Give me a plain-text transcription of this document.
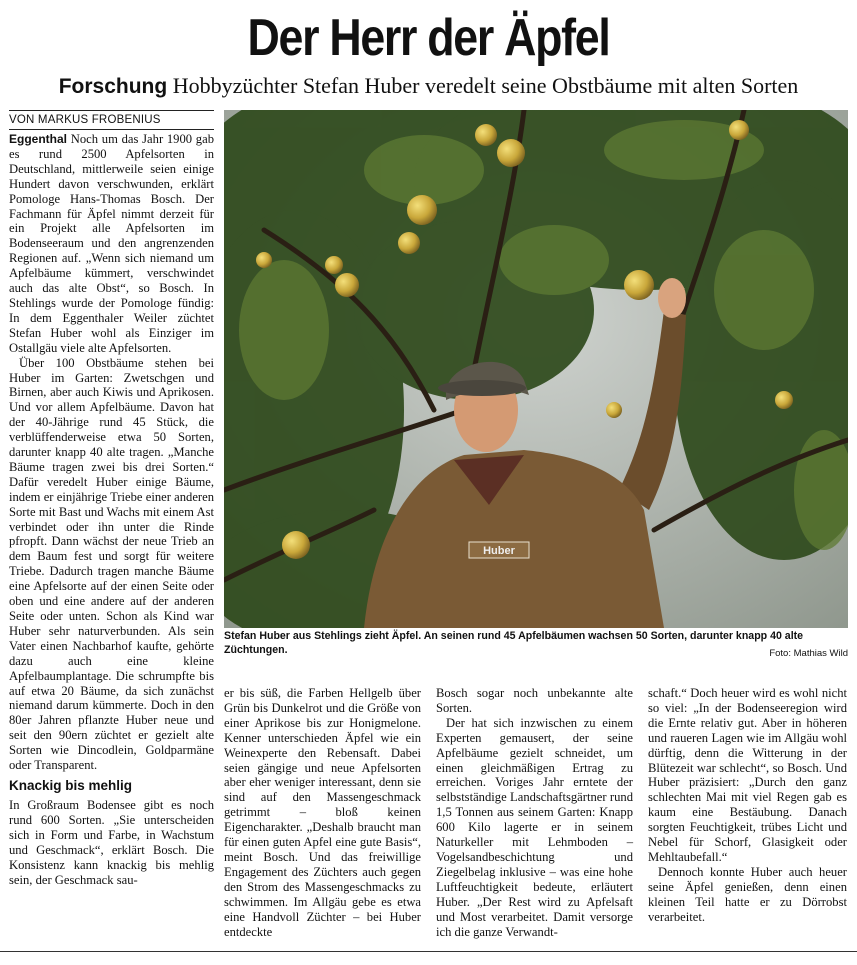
Der Herr der Äpfel
Forschung Hobbyzüchter Stefan Huber veredelt seine Obstbäume mit alten Sorten
VON MARKUS FROBENIUS

Eggenthal Noch um das Jahr 1900 gab es rund 2500 Apfelsorten in Deutschland, mittlerweile seien einige Hundert davon verschwunden, erklärt Pomologe Hans-Thomas Bosch. Der Fachmann für Äpfel nimmt derzeit für ein Projekt alle Apfelsorten im Bodenseeraum und den angrenzenden Regionen auf. „Wenn sich niemand um Apfelbäume kümmert, verschwindet auch das alte Obst“, so Bosch. In Stehlings wurde der Pomologe fündig: In dem Eggenthaler Weiler züchtet Stefan Huber wohl als Einziger im Ostallgäu viele alte Apfelsorten.

Über 100 Obstbäume stehen bei Huber im Garten: Zwetschgen und Birnen, aber auch Kiwis und Aprikosen. Und vor allem Apfelbäume. Davon hat der 40-Jährige rund 45 Stück, die verblüffenderweise etwa 50 Sorten, darunter knapp 40 alte tragen. „Manche Bäume tragen zwei bis drei Sorten.“ Dafür veredelt Huber einige Bäume, indem er einjährige Triebe einer anderen Sorte mit Bast und Wachs mit einem Ast verbindet oder ihn unter die Rinde pfropft. Dann wächst der neue Trieb an dem Baum fest und sorgt für weitere Triebe. Dadurch tragen manche Bäume eine Apfelsorte auf der einen Seite oder oben und eine andere auf der anderen Seite oder unten. Schon als Kind war Huber sehr naturverbunden. Als sein Vater einen Nachbarhof kaufte, gehörte dazu auch eine kleine Apfelbaumplantage. Die schrumpfte bis auf etwa 20 Bäume, da sich zunächst niemand darum kümmerte. Doch in den 80er Jahren pflanzte Huber neue und seit den 90ern züchtet er gezielt alte Sorten wie Dincodlein, Goldparmäne oder Transparent.

Knackig bis mehlig

In Großraum Bodensee gibt es noch rund 600 Sorten. „Sie unterscheiden sich in Form und Farbe, in Wachstum und Geschmack“, erklärt Bosch. Die Konsistenz kann knackig bis mehlig sein, der Geschmack sau-

Huber
Stefan Huber aus Stehlings zieht Äpfel. An seinen rund 45 Apfelbäumen wachsen 50 Sorten, darunter knapp 40 alte Züchtungen.	Foto: Mathias Wild

er bis süß, die Farben Hellgelb über Grün bis Dunkelrot und die Größe von einer Aprikose bis zur Honigmelone. Kenner unterschieden Äpfel wie ein Weinexperte den Rebensaft. Dabei seien gängige und neue Apfelsorten aber eher weniger interessant, denn sie sind auf den Massengeschmack getrimmt – bloß keinen Eigencharakter. „Deshalb braucht man für einen guten Apfel eine gute Basis“, meint Bosch. Und das freiwillige Engagement des Züchters auch gegen den Strom des Massengeschmacks zu schwimmen. Im Allgäu gebe es etwa eine Handvoll Züchter – bei Huber entdeckte

Bosch sogar noch unbekannte alte Sorten.

Der hat sich inzwischen zu einem Experten gemausert, der seine Apfelbäume gezielt schneidet, um einen gleichmäßigen Ertrag zu erreichen. Voriges Jahr erntete der selbstständige Landschaftsgärtner rund 1,5 Tonnen aus seinem Garten: Knapp 600 Kilo lagerte er in seinem Naturkeller mit Lehmboden – Vogelsandbeschichtung und Ziegelbelag inklusive – was eine hohe Luftfeuchtigkeit bedeute, erläutert Huber. „Der Rest wird zu Apfelsaft und Most verarbeitet. Damit versorge ich die ganze Verwandt-

schaft.“ Doch heuer wird es wohl nicht so viel: „In der Bodenseeregion wird die Ernte relativ gut. Aber in höheren und rauеren Lagen wie im Allgäu wohl dürftig, denn die Witterung in der Blütezeit war schlecht“, so Bosch. Und Huber präzisiert: „Durch den ganz schlechten Mai mit viel Regen gab es kaum eine Bestäubung. Danach sorgten Feuchtigkeit, trübes Licht und Nebel für Schorf, Glasigkeit oder Mehltaubefall.“

Dennoch konnte Huber auch heuer seine Äpfel genießen, denn einen kleinen Teil hatte er zu Dörrobst verarbeitet.
